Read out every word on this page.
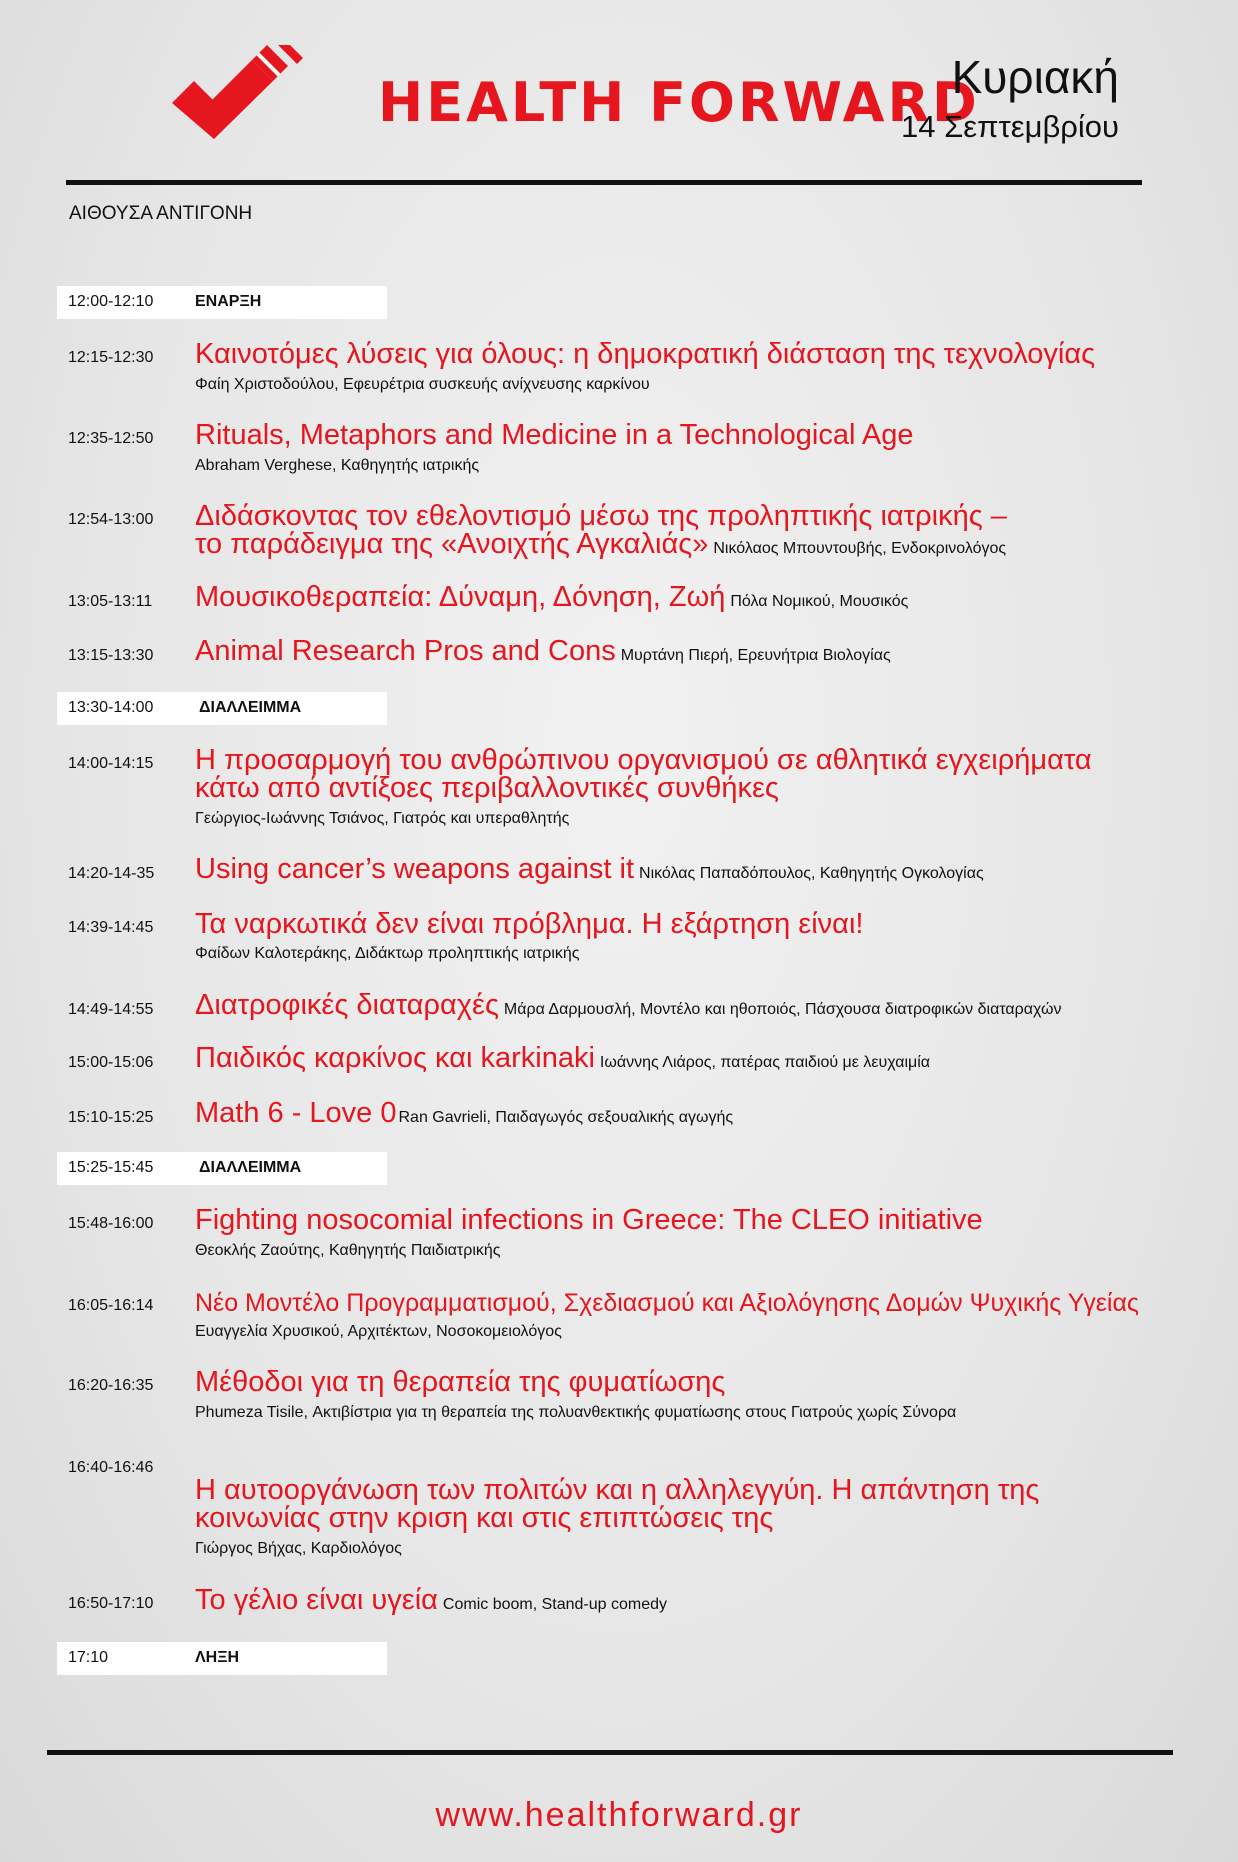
HEALTH FORWARD
Κυριακή
14 Σεπτεμβρίου
ΑΙΘΟΥΣΑ ΑΝΤΙΓΟΝΗ
12:00-12:10	ΕΝΑΡΞΗ
12:15-12:30 Καινοτόμες λύσεις για όλους: η δημοκρατική διάσταση της τεχνολογίας
Φαίη Χριστοδούλου, Εφευρέτρια συσκευής ανίχνευσης καρκίνου
12:35-12:50 Rituals, Metaphors and Medicine in a Technological Age
Abraham Verghese, Καθηγητής ιατρικής
12:54-13:00 Διδάσκοντας τον εθελοντισμό μέσω της προληπτικής ιατρικής –
το παράδειγμα της «Ανοιχτής Αγκαλιάς» Νικόλαος Μπουντουβής, Ενδοκρινολόγος
13:05-13:11 Μουσικοθεραπεία: Δύναμη, Δόνηση, Ζωή Πόλα Νομικού, Μουσικός
13:15-13:30 Animal Research Pros and Cons Μυρτάνη Πιερή, Ερευνήτρια Βιολογίας
13:30-14:00	ΔΙΑΛΛΕΙΜΜΑ
14:00-14:15 Η προσαρμογή του ανθρώπινου οργανισμού σε αθλητικά εγχειρήματα
κάτω από αντίξοες περιβαλλοντικές συνθήκες
Γεώργιος-Ιωάννης Τσιάνος, Γιατρός και υπεραθλητής
14:20-14-35 Using cancer’s weapons against it Νικόλας Παπαδόπουλος, Καθηγητής Ογκολογίας
14:39-14:45 Τα ναρκωτικά δεν είναι πρόβλημα. Η εξάρτηση είναι!
Φαίδων Καλοτεράκης, Διδάκτωρ προληπτικής ιατρικής
14:49-14:55 Διατροφικές διαταραχές Μάρα Δαρμουσλή, Μοντέλο και ηθοποιός, Πάσχουσα διατροφικών διαταραχών
15:00-15:06 Παιδικός καρκίνος και karkinaki Ιωάννης Λιάρος, πατέρας παιδιού με λευχαιμία
15:10-15:25 Math 6 - Love 0 Ran Gavrieli, Παιδαγωγός σεξουαλικής αγωγής
15:25-15:45	ΔΙΑΛΛΕΙΜΜΑ
15:48-16:00 Fighting nosocomial infections in Greece: The CLEO initiative
Θεοκλής Ζαούτης, Καθηγητής Παιδιατρικής
16:05-16:14 Νέο Μοντέλο Προγραμματισμού, Σχεδιασμού και Αξιολόγησης Δομών Ψυχικής Υγείας
Ευαγγελία Χρυσικού, Αρχιτέκτων, Νοσοκομειολόγος
16:20-16:35 Μέθοδοι για τη θεραπεία της φυματίωσης
Phumeza Tisile, Ακτιβίστρια για τη θεραπεία της πολυανθεκτικής φυματίωσης στους Γιατρούς χωρίς Σύνορα
16:40-16:46
Η αυτοοργάνωση των πολιτών και η αλληλεγγύη. Η απάντηση της
κοινωνίας στην κριση και στις επιπτώσεις της
Γιώργος Βήχας, Καρδιολόγος
16:50-17:10 Το γέλιο είναι υγεία Comic boom, Stand-up comedy
17:10	ΛΗΞΗ
www.healthforward.gr
